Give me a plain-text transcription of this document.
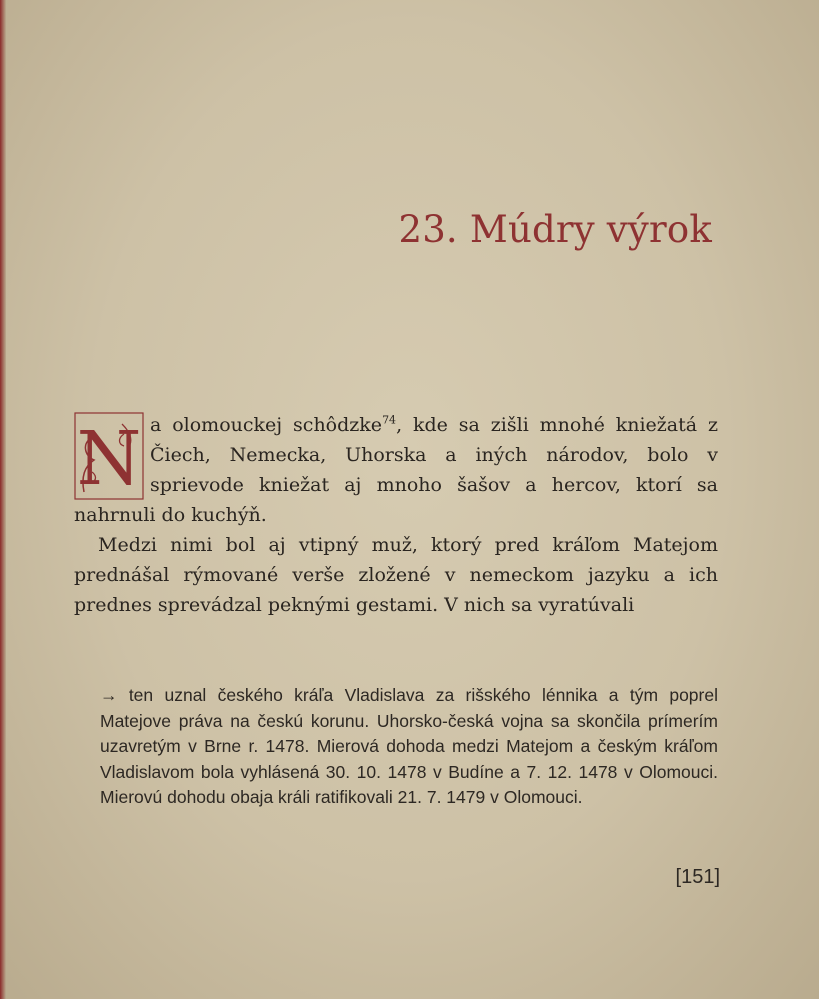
23. Múdry výrok
N a olomouckej schôdzke$^{74}$, kde sa zišli mnohé kniežatá z Čiech, Nemecka, Uhorska a iných národov, bolo v sprievode kniežat aj mnoho šašov a hercov, ktorí sa nahrnuli do kuchýň.

Medzi nimi bol aj vtipný muž, ktorý pred kráľom Matejom prednášal rýmované verše zložené v nemeckom jazyku a ich prednes sprevádzal peknými gestami. V nich sa vyratúvali

→ ten uznal českého kráľa Vladislava za rišského lénnika a tým poprel Matejove práva na českú korunu. Uhorsko-česká vojna sa skončila prímerím uzavretým v Brne r. 1478. Mierová dohoda medzi Matejom a českým kráľom Vladislavom bola vyhlásená 30. 10. 1478 v Budíne a 7. 12. 1478 v Olomouci. Mierovú dohodu obaja králi ratifikovali 21. 7. 1479 v Olomouci.

[151]
